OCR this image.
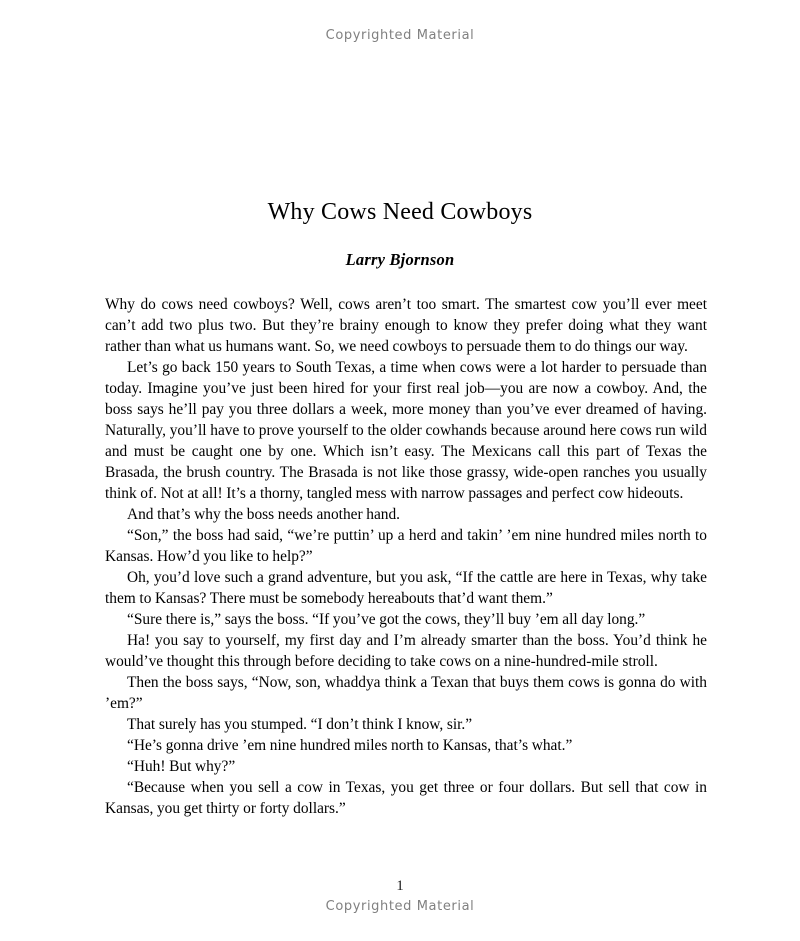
Copyrighted Material
Why Cows Need Cowboys
Larry Bjornson

Why do cows need cowboys? Well, cows aren’t too smart. The smartest cow you’ll ever meet can’t add two plus two. But they’re brainy enough to know they prefer doing what they want rather than what us humans want. So, we need cowboys to persuade them to do things our way.

Let’s go back 150 years to South Texas, a time when cows were a lot harder to persuade than today. Imagine you’ve just been hired for your first real job—you are now a cowboy. And, the boss says he’ll pay you three dollars a week, more money than you’ve ever dreamed of having. Naturally, you’ll have to prove yourself to the older cowhands because around here cows run wild and must be caught one by one. Which isn’t easy. The Mexicans call this part of Texas the Brasada, the brush country. The Brasada is not like those grassy, wide-open ranches you usually think of. Not at all! It’s a thorny, tangled mess with narrow passages and perfect cow hideouts.

And that’s why the boss needs another hand.

“Son,” the boss had said, “we’re puttin’ up a herd and takin’ ’em nine hundred miles north to Kansas. How’d you like to help?”

Oh, you’d love such a grand adventure, but you ask, “If the cattle are here in Texas, why take them to Kansas? There must be somebody hereabouts that’d want them.”

“Sure there is,” says the boss. “If you’ve got the cows, they’ll buy ’em all day long.”

Ha! you say to yourself, my first day and I’m already smarter than the boss. You’d think he would’ve thought this through before deciding to take cows on a nine-hundred-mile stroll.

Then the boss says, “Now, son, whaddya think a Texan that buys them cows is gonna do with ’em?”

That surely has you stumped. “I don’t think I know, sir.”

“He’s gonna drive ’em nine hundred miles north to Kansas, that’s what.”

“Huh! But why?”

“Because when you sell a cow in Texas, you get three or four dollars. But sell that cow in Kansas, you get thirty or forty dollars.”

1
Copyrighted Material
